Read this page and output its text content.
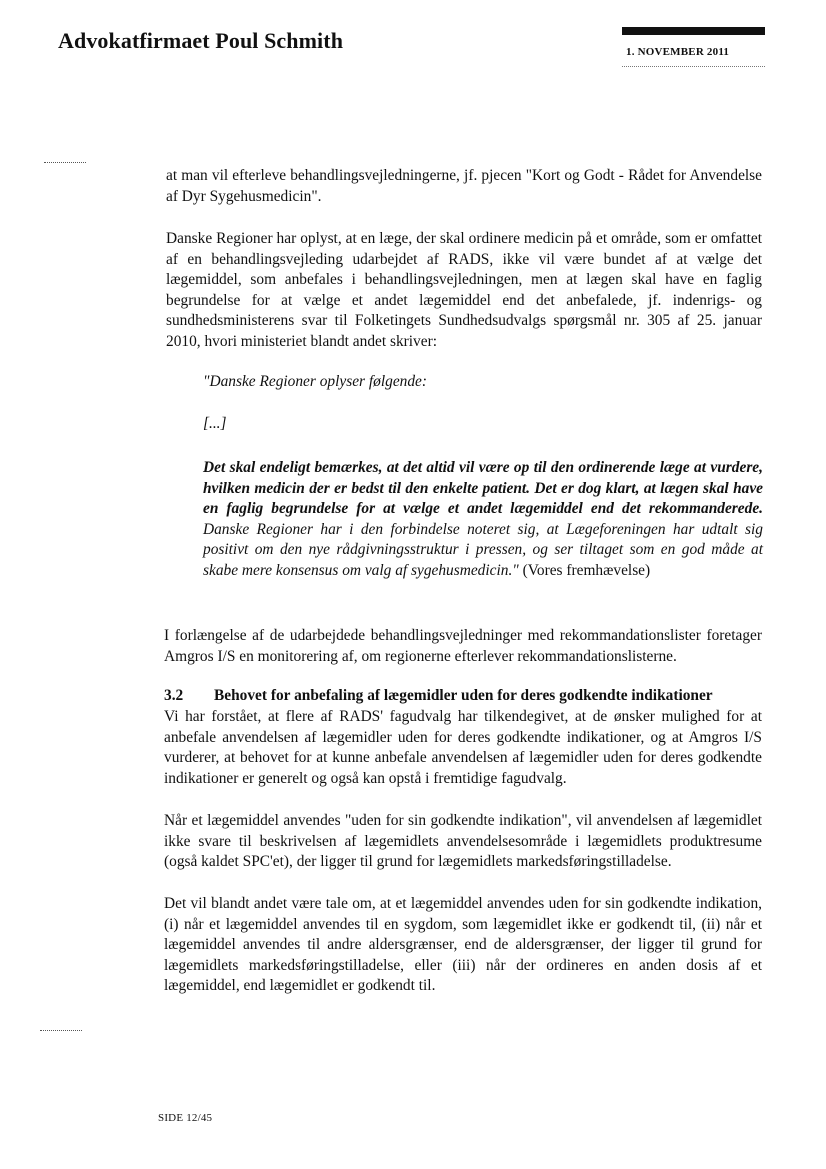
Advokatfirmaet Poul Schmith	1. NOVEMBER 2011

at man vil efterleve behandlingsvejledningerne, jf. pjecen "Kort og Godt - Rådet for Anvendelse af Dyr Sygehusmedicin".

Danske Regioner har oplyst, at en læge, der skal ordinere medicin på et område, som er omfattet af en behandlingsvejleding udarbejdet af RADS, ikke vil være bundet af at vælge det lægemiddel, som anbefales i behandlingsvejledningen, men at lægen skal have en faglig begrundelse for at vælge et andet lægemiddel end det anbefalede, jf. indenrigs- og sundhedsministerens svar til Folketingets Sundhedsudvalgs spørgsmål nr. 305 af 25. januar 2010, hvori ministeriet blandt andet skriver:

"Danske Regioner oplyser følgende:

[...]

Det skal endeligt bemærkes, at det altid vil være op til den ordinerende læge at vurdere, hvilken medicin der er bedst til den enkelte patient. Det er dog klart, at lægen skal have en faglig begrundelse for at vælge et andet lægemiddel end det rekommanderede. Danske Regioner har i den forbindelse noteret sig, at Lægeforeningen har udtalt sig positivt om den nye rådgivningsstruktur i pressen, og ser tiltaget som en god måde at skabe mere konsensus om valg af sygehusmedicin." (Vores fremhævelse)

I forlængelse af de udarbejdede behandlingsvejledninger med rekommandationslister foretager Amgros I/S en monitorering af, om regionerne efterlever rekommandationslisterne.

3.2 Behovet for anbefaling af lægemidler uden for deres godkendte indikationer

Vi har forstået, at flere af RADS' fagudvalg har tilkendegivet, at de ønsker mulighed for at anbefale anvendelsen af lægemidler uden for deres godkendte indikationer, og at Amgros I/S vurderer, at behovet for at kunne anbefale anvendelsen af lægemidler uden for deres godkendte indikationer er generelt og også kan opstå i fremtidige fagudvalg.

Når et lægemiddel anvendes "uden for sin godkendte indikation", vil anvendelsen af lægemidlet ikke svare til beskrivelsen af lægemidlets anvendelsesområde i lægemidlets produktresume (også kaldet SPC'et), der ligger til grund for lægemidlets markedsføringstilladelse.

Det vil blandt andet være tale om, at et lægemiddel anvendes uden for sin godkendte indikation, (i) når et lægemiddel anvendes til en sygdom, som lægemidlet ikke er godkendt til, (ii) når et lægemiddel anvendes til andre aldersgrænser, end de aldersgrænser, der ligger til grund for lægemidlets markedsføringstilladelse, eller (iii) når der ordineres en anden dosis af et lægemiddel, end lægemidlet er godkendt til.

SIDE 12/45
